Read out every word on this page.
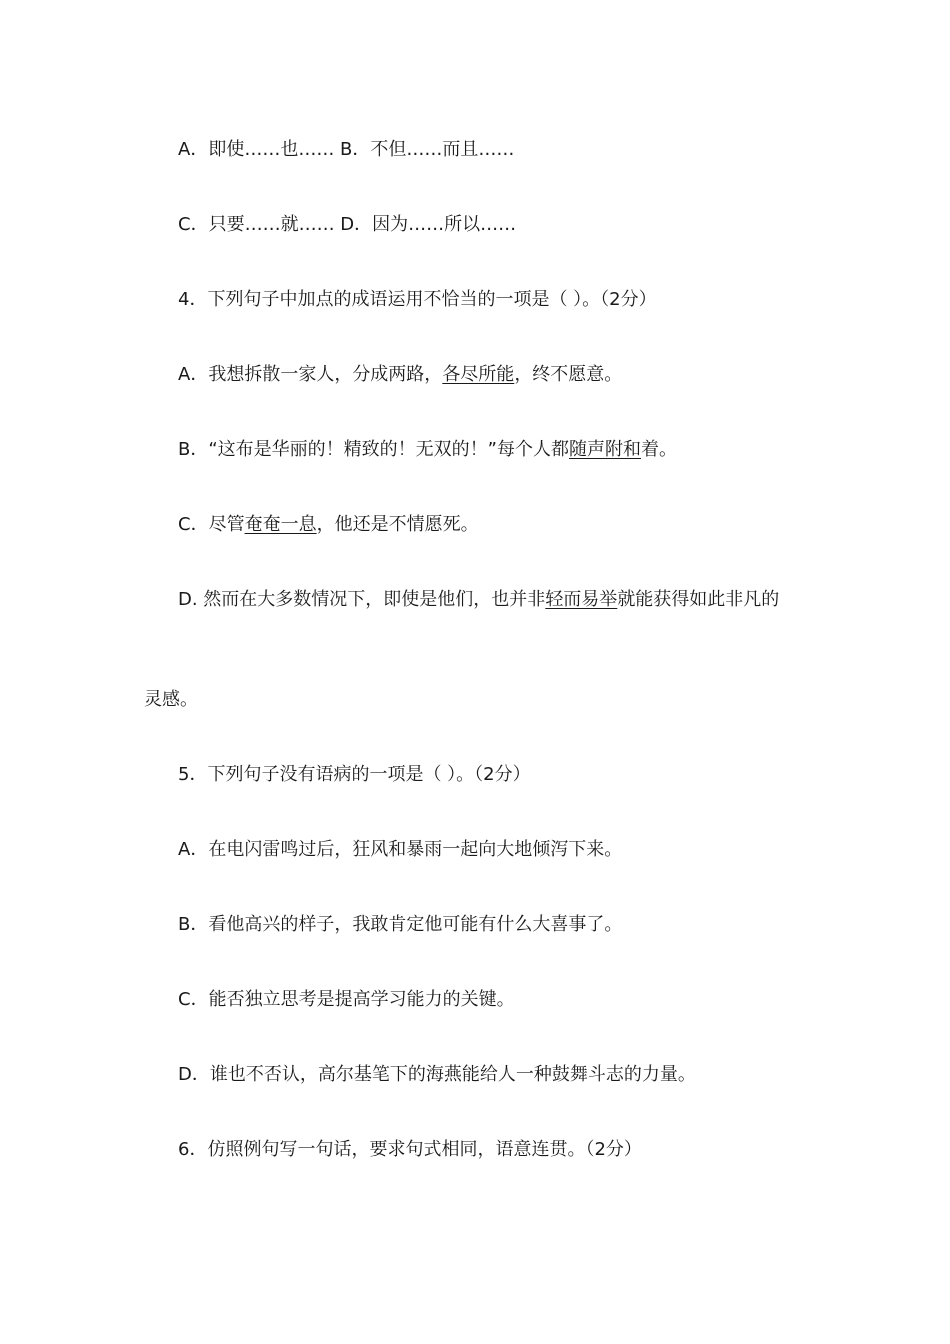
A．即使……也…… B．不但……而且……
C．只要……就…… D．因为……所以……
4．下列句子中加点的成语运用不恰当的一项是（ ）。（2分）
A．我想拆散一家人，分成两路，各尽所能，终不愿意。
B．“这布是华丽的！精致的！无双的！”每个人都随声附和着。
C．尽管奄奄一息，他还是不情愿死。
D. 然而在大多数情况下，即使是他们，也并非轻而易举就能获得如此非凡的
灵感。
5．下列句子没有语病的一项是（ ）。（2分）
A．在电闪雷鸣过后，狂风和暴雨一起向大地倾泻下来。
B．看他高兴的样子，我敢肯定他可能有什么大喜事了。
C．能否独立思考是提高学习能力的关键。
D．谁也不否认，高尔基笔下的海燕能给人一种鼓舞斗志的力量。
6．仿照例句写一句话，要求句式相同，语意连贯。（2分）
